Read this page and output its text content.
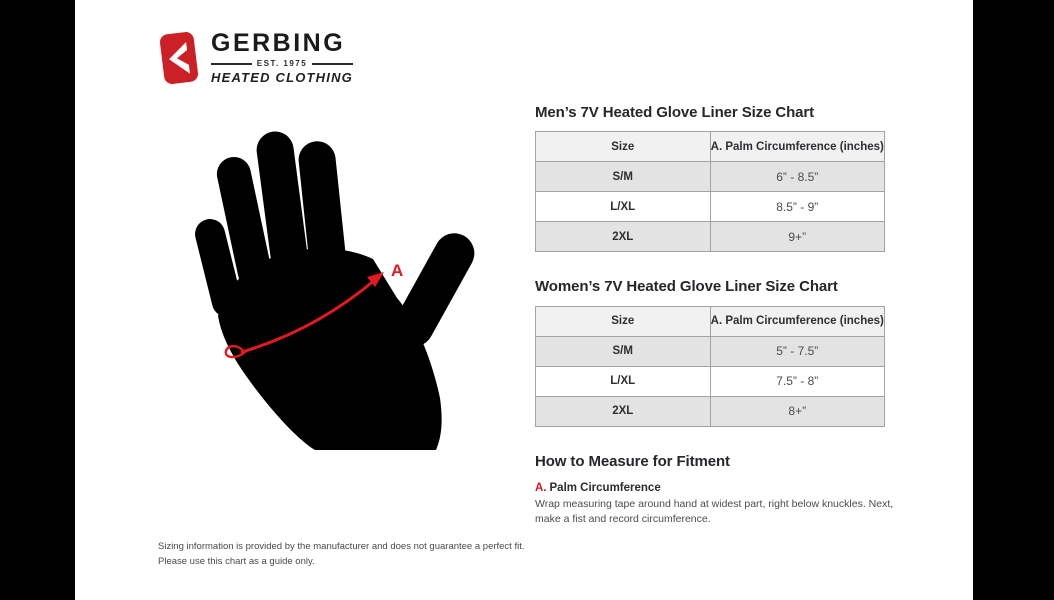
GERBING
EST. 1975
HEATED CLOTHING
A
Men’s 7V Heated Glove Liner Size Chart
Size	A. Palm Circumference (inches)
S/M	6” - 8.5”
L/XL	8.5” - 9”
2XL	9+”
Women’s 7V Heated Glove Liner Size Chart
Size	A. Palm Circumference (inches)
S/M	5” - 7.5”
L/XL	7.5” - 8”
2XL	8+”
How to Measure for Fitment
A. Palm Circumference
Wrap measuring tape around hand at widest part, right below knuckles. Next, make a fist and record circumference.
Sizing information is provided by the manufacturer and does not guarantee a perfect fit.
Please use this chart as a guide only.
